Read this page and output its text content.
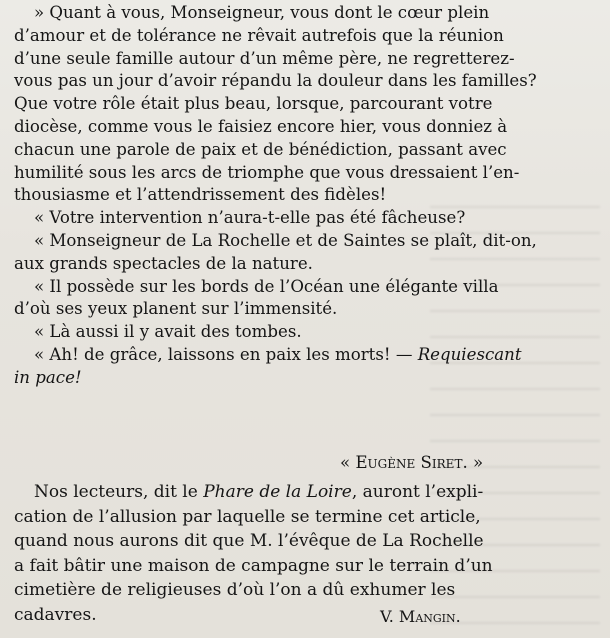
» Quant à vous, Monseigneur, vous dont le cœur plein

d’amour et de tolérance ne rêvait autrefois que la réunion

d’une seule famille autour d’un même père, ne regretterez-

vous pas un jour d’avoir répandu la douleur dans les familles?

Que votre rôle était plus beau, lorsque, parcourant votre

diocèse, comme vous le faisiez encore hier, vous donniez à

chacun une parole de paix et de bénédiction, passant avec

humilité sous les arcs de triomphe que vous dressaient l’en-

thousiasme et l’attendrissement des fidèles!

« Votre intervention n’aura-t-elle pas été fâcheuse?

« Monseigneur de La Rochelle et de Saintes se plaît, dit-on,

aux grands spectacles de la nature.

« Il possède sur les bords de l’Océan une élégante villa

d’où ses yeux planent sur l’immensité.

« Là aussi il y avait des tombes.

« Ah! de grâce, laissons en paix les morts! — Requiescant

in pace!

« Eugène Siret. »

Nos lecteurs, dit le Phare de la Loire, auront l’expli-

cation de l’allusion par laquelle se termine cet article,

quand nous aurons dit que M. l’évêque de La Rochelle

a fait bâtir une maison de campagne sur le terrain d’un

cimetière de religieuses d’où l’on a dû exhumer les

cadavres.	V. Mangin.
